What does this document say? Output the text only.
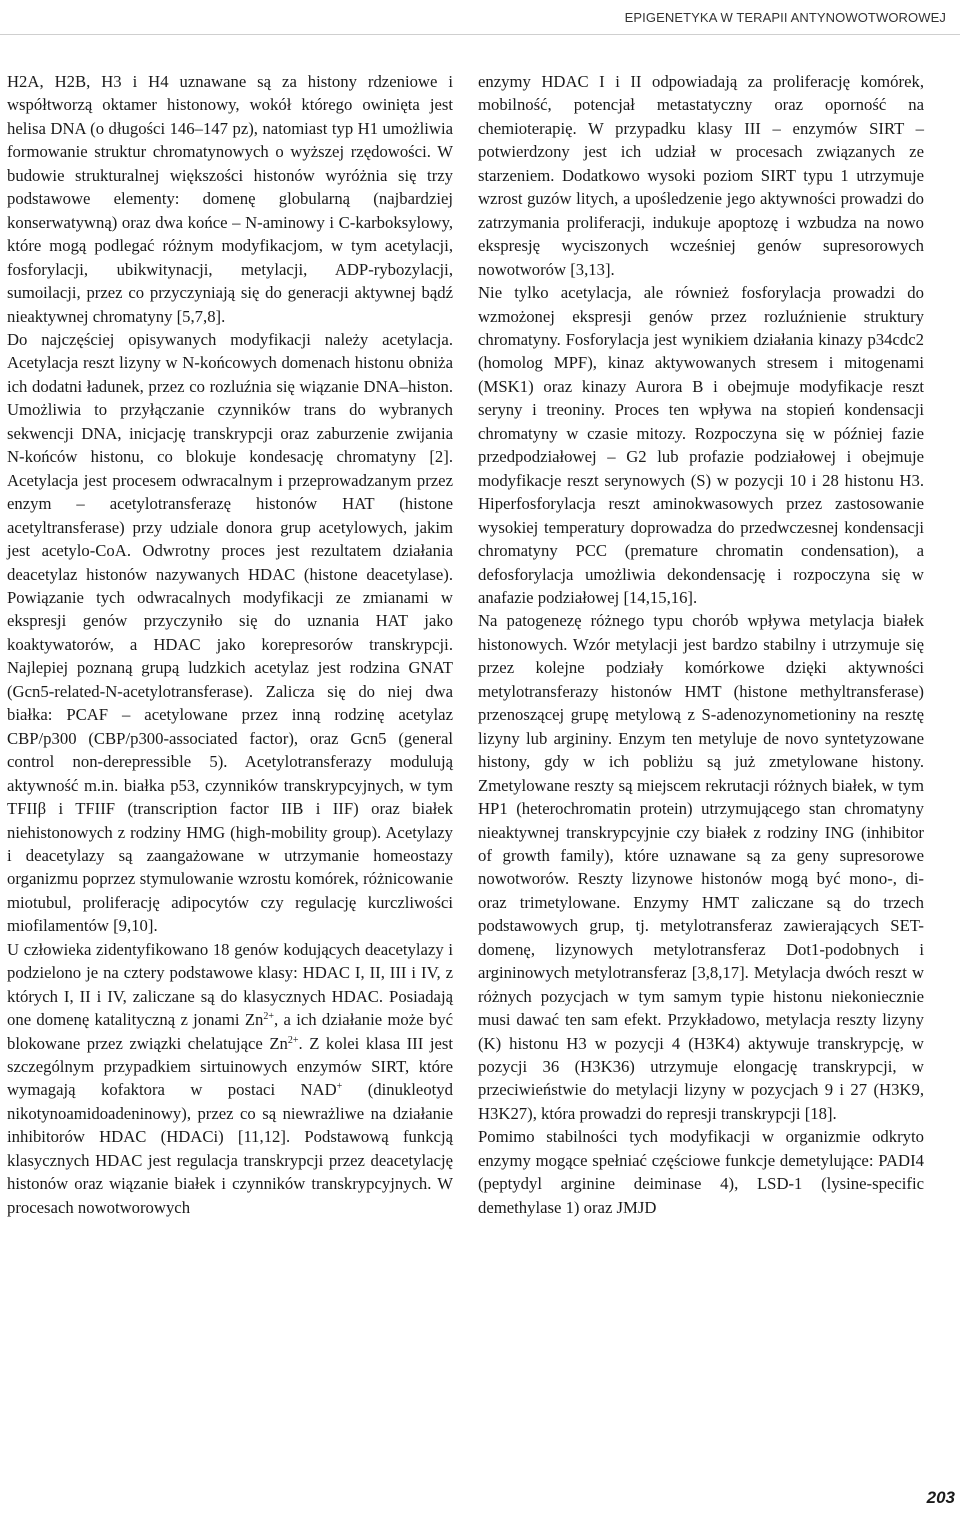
EPIGENETYKA W TERAPII ANTYNOWOTWOROWEJ

H2A, H2B, H3 i H4 uznawane są za histony rdzeniowe i współtworzą oktamer histonowy, wokół którego owinięta jest helisa DNA (o długości 146–147 pz), natomiast typ H1 umożliwia formowanie struktur chromatynowych o wyższej rzędowości. W budowie strukturalnej większości histonów wyróżnia się trzy podstawowe elementy: domenę globularną (najbardziej konserwatywną) oraz dwa końce – N-aminowy i C-karboksylowy, które mogą podlegać różnym modyfikacjom, w tym acetylacji, fosforylacji, ubikwitynacji, metylacji, ADP-rybozylacji, sumoilacji, przez co przyczyniają się do generacji aktywnej bądź nieaktywnej chromatyny [5,7,8].

Do najczęściej opisywanych modyfikacji należy acetylacja. Acetylacja reszt lizyny w N-końcowych domenach histonu obniża ich dodatni ładunek, przez co rozluźnia się wiązanie DNA–histon. Umożliwia to przyłączanie czynników trans do wybranych sekwencji DNA, inicjację transkrypcji oraz zaburzenie zwijania N-końców histonu, co blokuje kondesację chromatyny [2]. Acetylacja jest procesem odwracalnym i przeprowadzanym przez enzym – acetylotransferazę histonów HAT (histone acetyltransferase) przy udziale donora grup acetylowych, jakim jest acetylo-CoA. Odwrotny proces jest rezultatem działania deacetylaz histonów nazywanych HDAC (histone deacetylase). Powiązanie tych odwracalnych modyfikacji ze zmianami w ekspresji genów przyczyniło się do uznania HAT jako koaktywatorów, a HDAC jako korepresorów transkrypcji. Najlepiej poznaną grupą ludzkich acetylaz jest rodzina GNAT (Gcn5-related-N-acetylotransferase). Zalicza się do niej dwa białka: PCAF – acetylowane przez inną rodzinę acetylaz CBP/p300 (CBP/p300-associated factor), oraz Gcn5 (general control non-derepressible 5). Acetylotransferazy modulują aktywność m.in. białka p53, czynników transkrypcyjnych, w tym TFIIβ i TFIIF (transcription factor IIB i IIF) oraz białek niehistonowych z rodziny HMG (high-mobility group). Acetylazy i deacetylazy są zaangażowane w utrzymanie homeostazy organizmu poprzez stymulowanie wzrostu komórek, różnicowanie miotubul, proliferację adipocytów czy regulację kurczliwości miofilamentów [9,10].

U człowieka zidentyfikowano 18 genów kodujących deacetylazy i podzielono je na cztery podstawowe klasy: HDAC I, II, III i IV, z których I, II i IV, zaliczane są do klasycznych HDAC. Posiadają one domenę katalityczną z jonami $Zn^{2+}$, a ich działanie może być blokowane przez związki chelatujące $Zn^{2+}$. Z kolei klasa III jest szczególnym przypadkiem sirtuinowych enzymów SIRT, które wymagają kofaktora w postaci NAD+ (dinukleotyd nikotynoamidoadeninowy), przez co są niewrażliwe na działanie inhibitorów HDAC (HDACi) [11,12]. Podstawową funkcją klasycznych HDAC jest regulacja transkrypcji przez deacetylację histonów oraz wiązanie białek i czynników transkrypcyjnych. W procesach nowotworowych

enzymy HDAC I i II odpowiadają za proliferację komórek, mobilność, potencjał metastatyczny oraz oporność na chemioterapię. W przypadku klasy III – enzymów SIRT – potwierdzony jest ich udział w procesach związanych ze starzeniem. Dodatkowo wysoki poziom SIRT typu 1 utrzymuje wzrost guzów litych, a upośledzenie jego aktywności prowadzi do zatrzymania proliferacji, indukuje apoptozę i wzbudza na nowo ekspresję wyciszonych wcześniej genów supresorowych nowotworów [3,13].

Nie tylko acetylacja, ale również fosforylacja prowadzi do wzmożonej ekspresji genów przez rozluźnienie struktury chromatyny. Fosforylacja jest wynikiem działania kinazy p34cdc2 (homolog MPF), kinaz aktywowanych stresem i mitogenami (MSK1) oraz kinazy Aurora B i obejmuje modyfikacje reszt seryny i treoniny. Proces ten wpływa na stopień kondensacji chromatyny w czasie mitozy. Rozpoczyna się w później fazie przedpodziałowej – G2 lub profazie podziałowej i obejmuje modyfikacje reszt serynowych (S) w pozycji 10 i 28 histonu H3. Hiperfosforylacja reszt aminokwasowych przez zastosowanie wysokiej temperatury doprowadza do przedwczesnej kondensacji chromatyny PCC (premature chromatin condensation), a defosforylacja umożliwia dekondensację i rozpoczyna się w anafazie podziałowej [14,15,16].

Na patogenezę różnego typu chorób wpływa metylacja białek histonowych. Wzór metylacji jest bardzo stabilny i utrzymuje się przez kolejne podziały komórkowe dzięki aktywności metylotransferazy histonów HMT (histone methyltransferase) przenoszącej grupę metylową z S-adenozynometioniny na resztę lizyny lub argininy. Enzym ten metyluje de novo syntetyzowane histony, gdy w ich pobliżu są już zmetylowane histony. Zmetylowane reszty są miejscem rekrutacji różnych białek, w tym HP1 (heterochromatin protein) utrzymującego stan chromatyny nieaktywnej transkrypcyjnie czy białek z rodziny ING (inhibitor of growth family), które uznawane są za geny supresorowe nowotworów. Reszty lizynowe histonów mogą być mono-, di- oraz trimetylowane. Enzymy HMT zaliczane są do trzech podstawowych grup, tj. metylotransferaz zawierających SET-domenę, lizynowych metylotransferaz Dot1-podobnych i argininowych metylotransferaz [3,8,17]. Metylacja dwóch reszt w różnych pozycjach w tym samym typie histonu niekoniecznie musi dawać ten sam efekt. Przykładowo, metylacja reszty lizyny (K) histonu H3 w pozycji 4 (H3K4) aktywuje transkrypcję, w pozycji 36 (H3K36) utrzymuje elongację transkrypcji, w przeciwieństwie do metylacji lizyny w pozycjach 9 i 27 (H3K9, H3K27), która prowadzi do represji transkrypcji [18].

Pomimo stabilności tych modyfikacji w organizmie odkryto enzymy mogące spełniać częściowe funkcje demetylujące: PADI4 (peptydyl arginine deiminase 4), LSD-1 (lysine-specific demethylase 1) oraz JMJD

203
